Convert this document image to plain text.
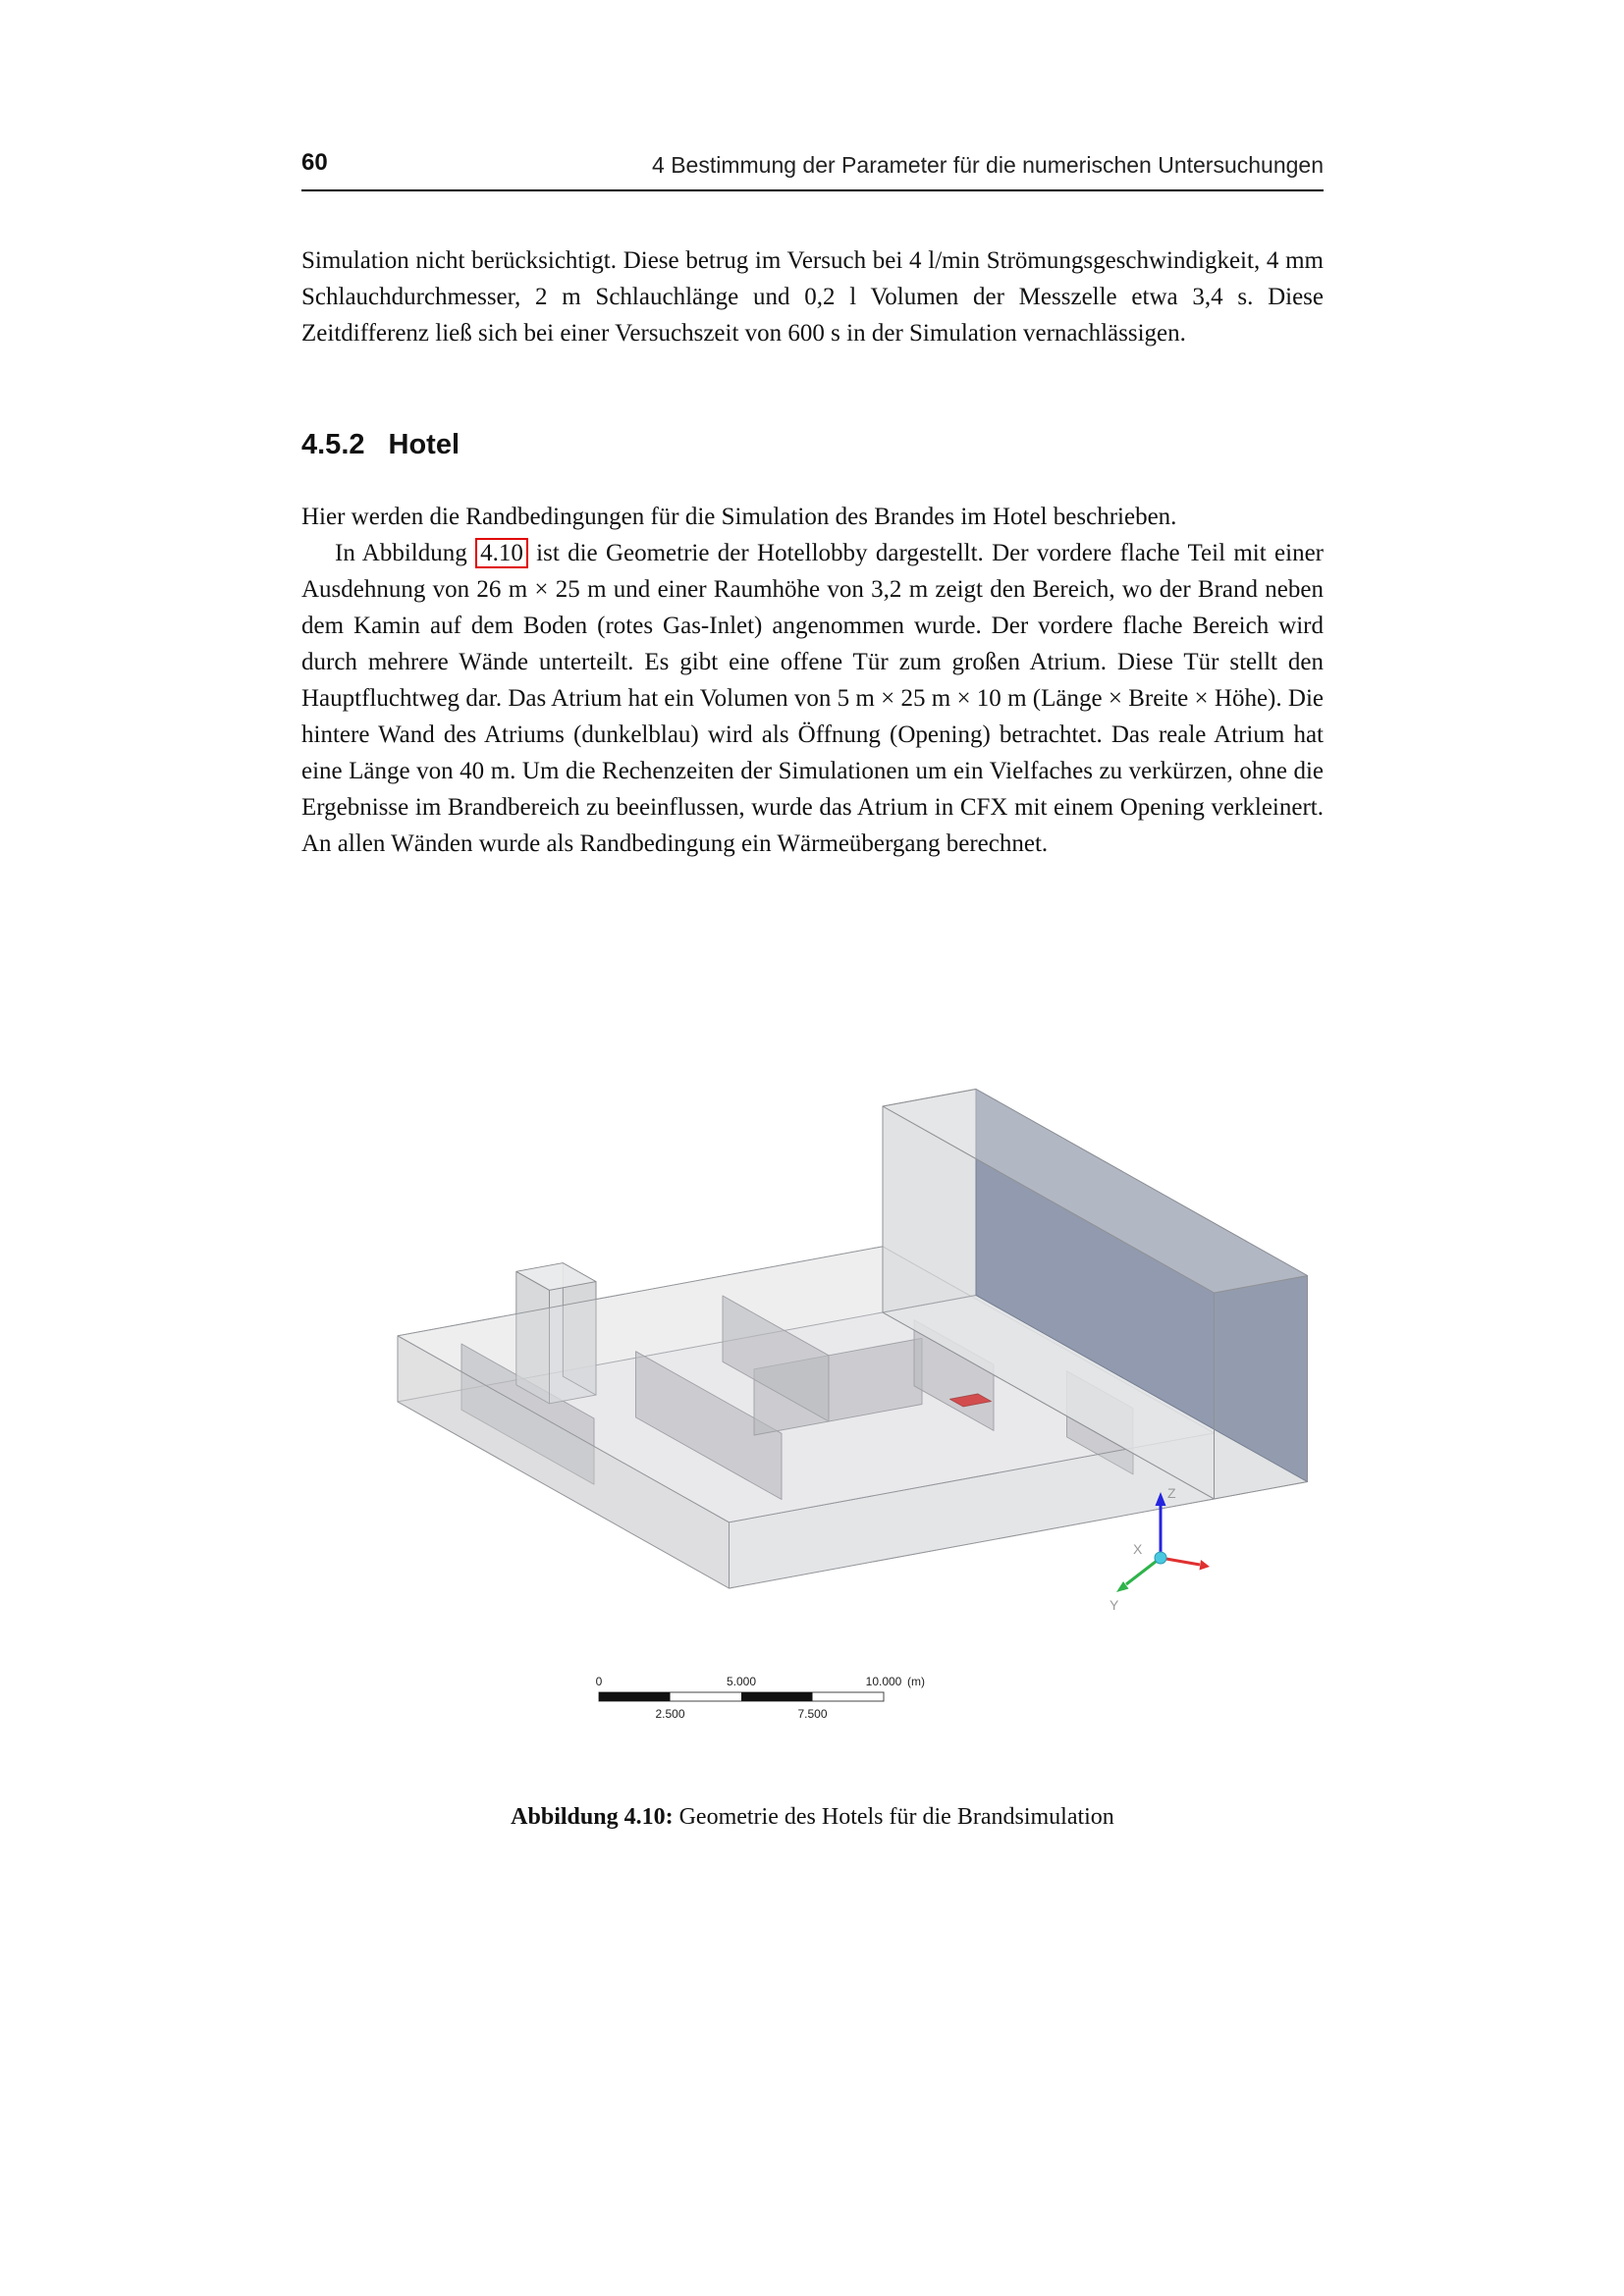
60	4 Bestimmung der Parameter für die numerischen Untersuchungen
Simulation nicht berücksichtigt. Diese betrug im Versuch bei 4 l/min Strömungsgeschwindigkeit, 4 mm Schlauchdurchmesser, 2 m Schlauchlänge und 0,2 l Volumen der Messzelle etwa 3,4 s. Diese Zeitdifferenz ließ sich bei einer Versuchszeit von 600 s in der Simulation vernachlässigen.
4.5.2 Hotel
Hier werden die Randbedingungen für die Simulation des Brandes im Hotel beschrieben.
In Abbildung 4.10 ist die Geometrie der Hotellobby dargestellt. Der vordere flache Teil mit einer Ausdehnung von 26 m × 25 m und einer Raumhöhe von 3,2 m zeigt den Bereich, wo der Brand neben dem Kamin auf dem Boden (rotes Gas-Inlet) angenommen wurde. Der vordere flache Bereich wird durch mehrere Wände unterteilt. Es gibt eine offene Tür zum großen Atrium. Diese Tür stellt den Hauptfluchtweg dar. Das Atrium hat ein Volumen von 5 m × 25 m × 10 m (Länge × Breite × Höhe). Die hintere Wand des Atriums (dunkelblau) wird als Öffnung (Opening) betrachtet. Das reale Atrium hat eine Länge von 40 m. Um die Rechenzeiten der Simulationen um ein Vielfaches zu verkürzen, ohne die Ergebnisse im Brandbereich zu beeinflussen, wurde das Atrium in CFX mit einem Opening verkleinert. An allen Wänden wurde als Randbedingung ein Wärmeübergang berechnet.
Z
Y
X
0	5.000	10.000 (m)
2.500	7.500
Abbildung 4.10: Geometrie des Hotels für die Brandsimulation
